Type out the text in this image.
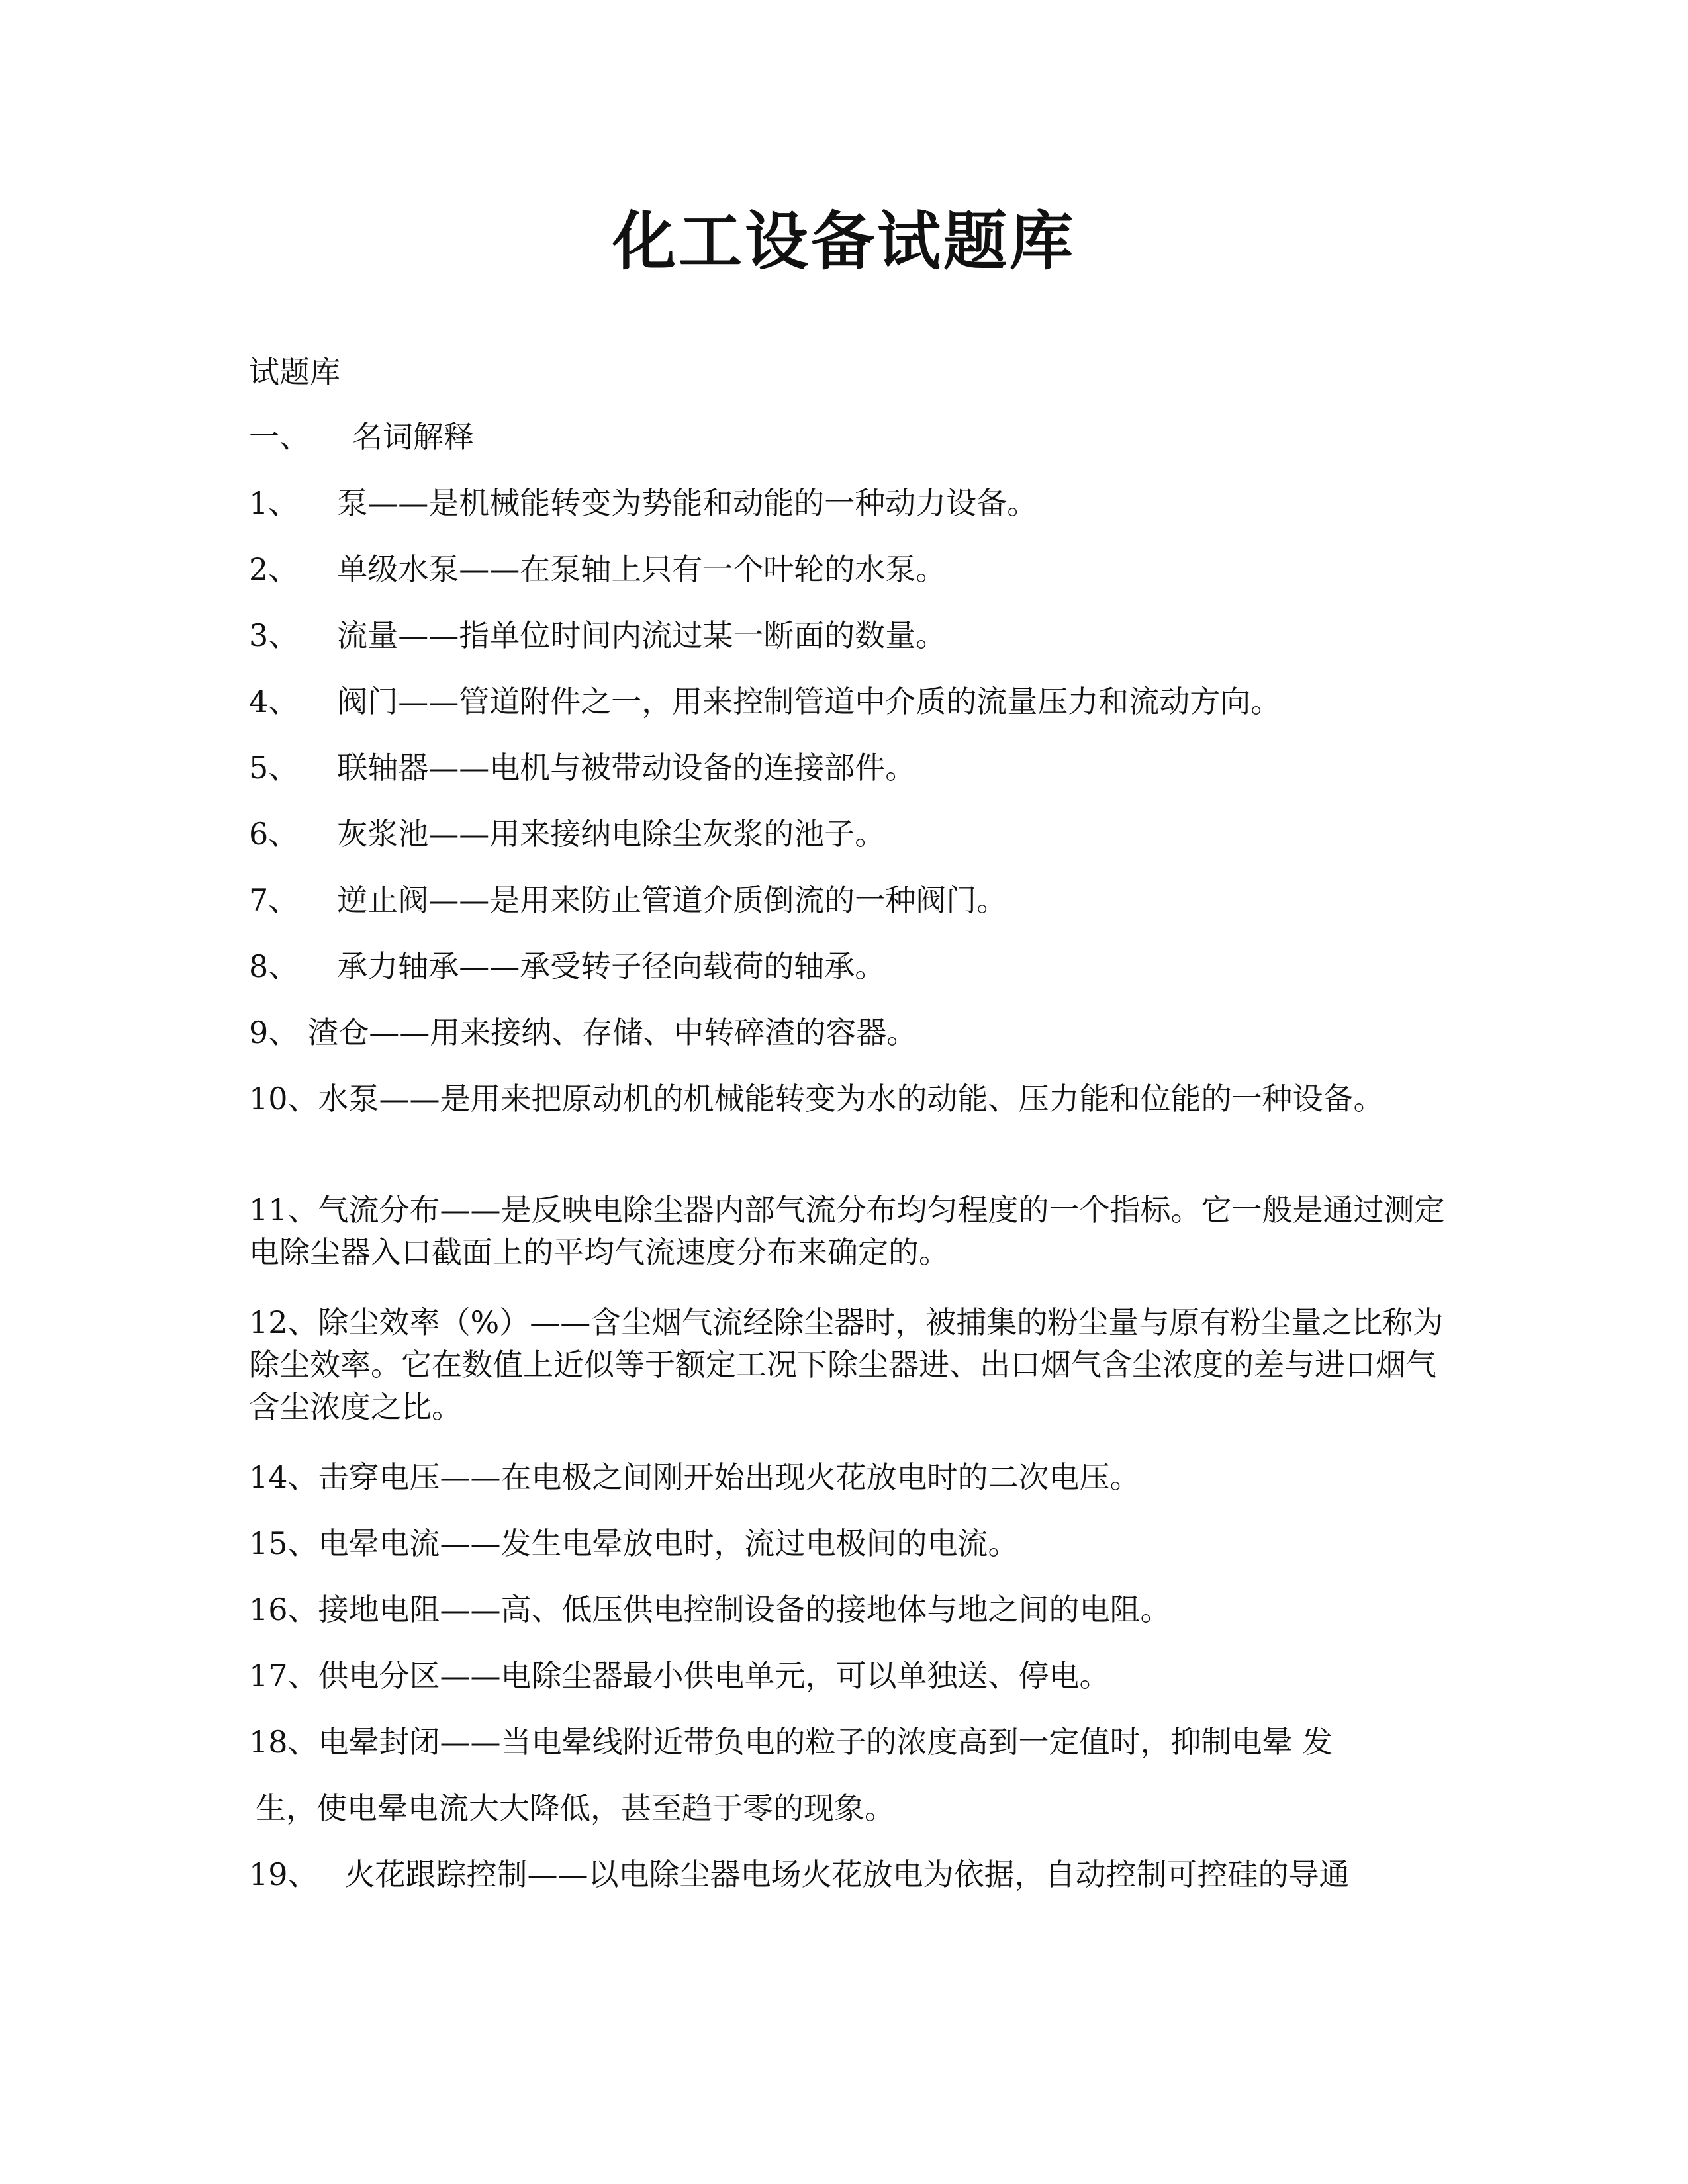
化工设备试题库
试题库
一、 名词解释
1、 泵——是机械能转变为势能和动能的一种动力设备。
2、 单级水泵——在泵轴上只有一个叶轮的水泵。
3、 流量——指单位时间内流过某一断面的数量。
4、 阀门——管道附件之一，用来控制管道中介质的流量压力和流动方向。
5、 联轴器——电机与被带动设备的连接部件。
6、 灰浆池——用来接纳电除尘灰浆的池子。
7、 逆止阀——是用来防止管道介质倒流的一种阀门。
8、 承力轴承——承受转子径向载荷的轴承。
9、 渣仓——用来接纳、存储、中转碎渣的容器。
10、水泵——是用来把原动机的机械能转变为水的动能、压力能和位能的一种设备。
11、气流分布——是反映电除尘器内部气流分布均匀程度的一个指标。它一般是通过测定电除尘器入口截面上的平均气流速度分布来确定的。
12、除尘效率（%）——含尘烟气流经除尘器时，被捕集的粉尘量与原有粉尘量之比称为除尘效率。它在数值上近似等于额定工况下除尘器进、出口烟气含尘浓度的差与进口烟气含尘浓度之比。
14、击穿电压——在电极之间刚开始出现火花放电时的二次电压。
15、电晕电流——发生电晕放电时，流过电极间的电流。
16、接地电阻——高、低压供电控制设备的接地体与地之间的电阻。
17、供电分区——电除尘器最小供电单元，可以单独送、停电。
18、电晕封闭——当电晕线附近带负电的粒子的浓度高到一定值时，抑制电晕 发
生，使电晕电流大大降低，甚至趋于零的现象。
19、 火花跟踪控制——以电除尘器电场火花放电为依据，自动控制可控硅的导通
